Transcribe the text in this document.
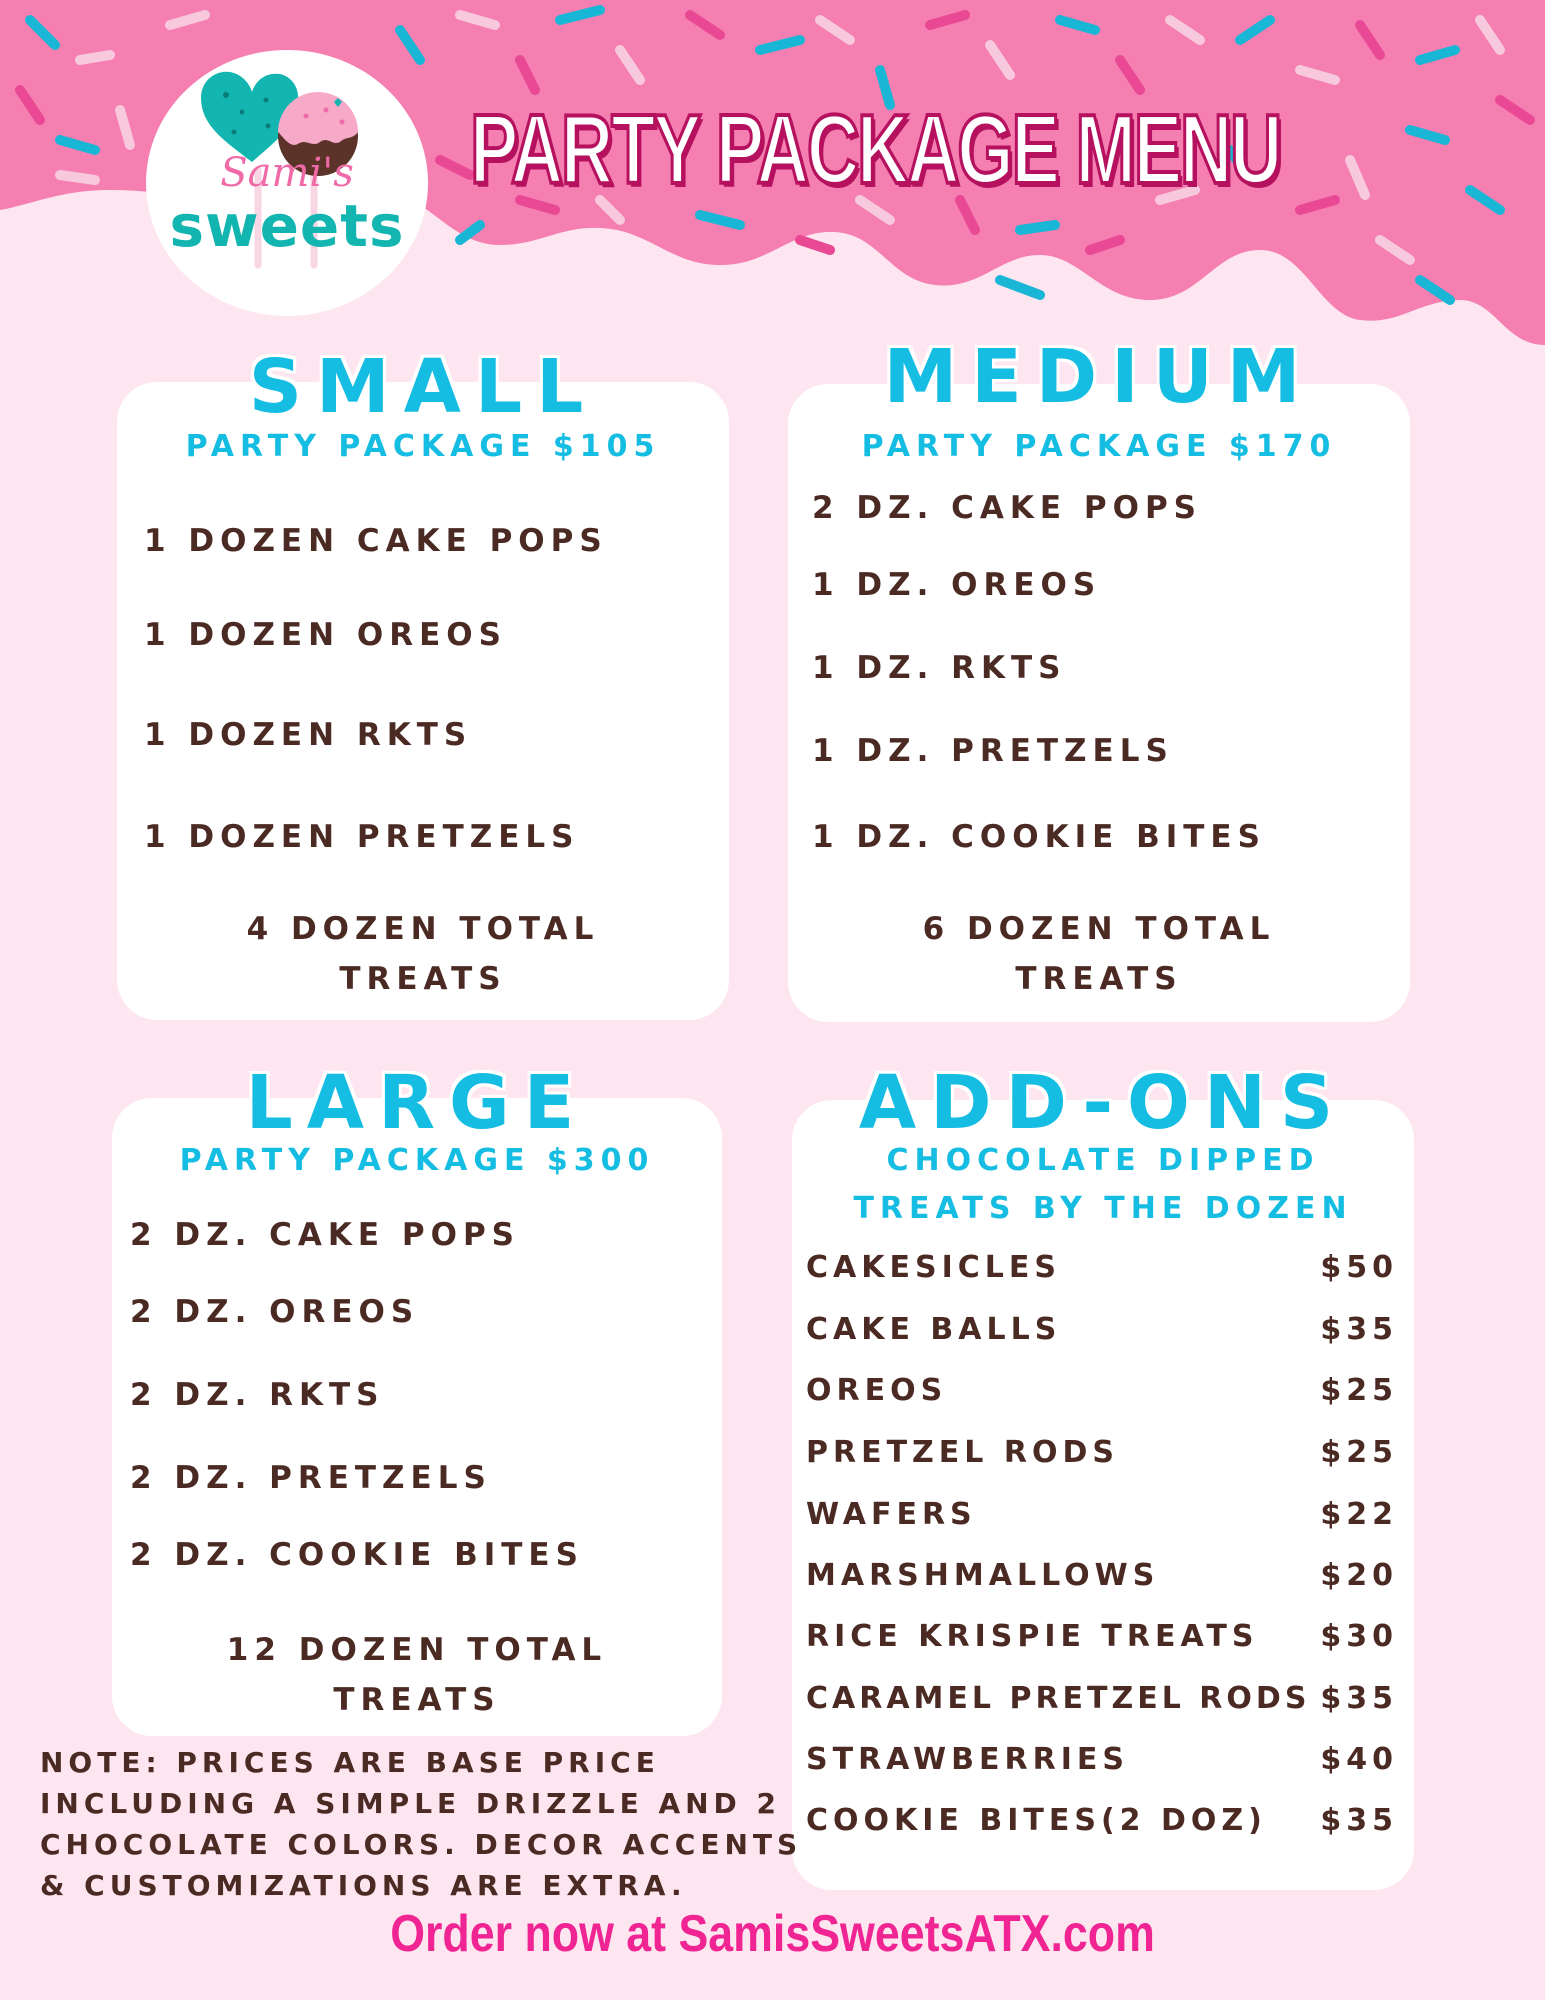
Sami's
sweets
PARTY PACKAGE MENU
SMALL
PARTY PACKAGE $105
1 DOZEN CAKE POPS
1 DOZEN OREOS
1 DOZEN RKTS
1 DOZEN PRETZELS
4 DOZEN TOTAL
TREATS
MEDIUM
PARTY PACKAGE $170
2 DZ. CAKE POPS
1 DZ. OREOS
1 DZ. RKTS
1 DZ. PRETZELS
1 DZ. COOKIE BITES
6 DOZEN TOTAL
TREATS
LARGE
PARTY PACKAGE $300
2 DZ. CAKE POPS
2 DZ. OREOS
2 DZ. RKTS
2 DZ. PRETZELS
2 DZ. COOKIE BITES
12 DOZEN TOTAL
TREATS
ADD-ONS
CHOCOLATE DIPPED
TREATS BY THE DOZEN
CAKESICLES	$50
CAKE BALLS	$35
OREOS	$25
PRETZEL RODS	$25
WAFERS	$22
MARSHMALLOWS	$20
RICE KRISPIE TREATS $30
CARAMEL PRETZEL RODS $35
STRAWBERRIES	$40
COOKIE BITES(2 DOZ) $35
NOTE: PRICES ARE BASE PRICE
INCLUDING A SIMPLE DRIZZLE AND 2
CHOCOLATE COLORS. DECOR ACCENTS
& CUSTOMIZATIONS ARE EXTRA.
Order now at SamisSweetsATX.com
